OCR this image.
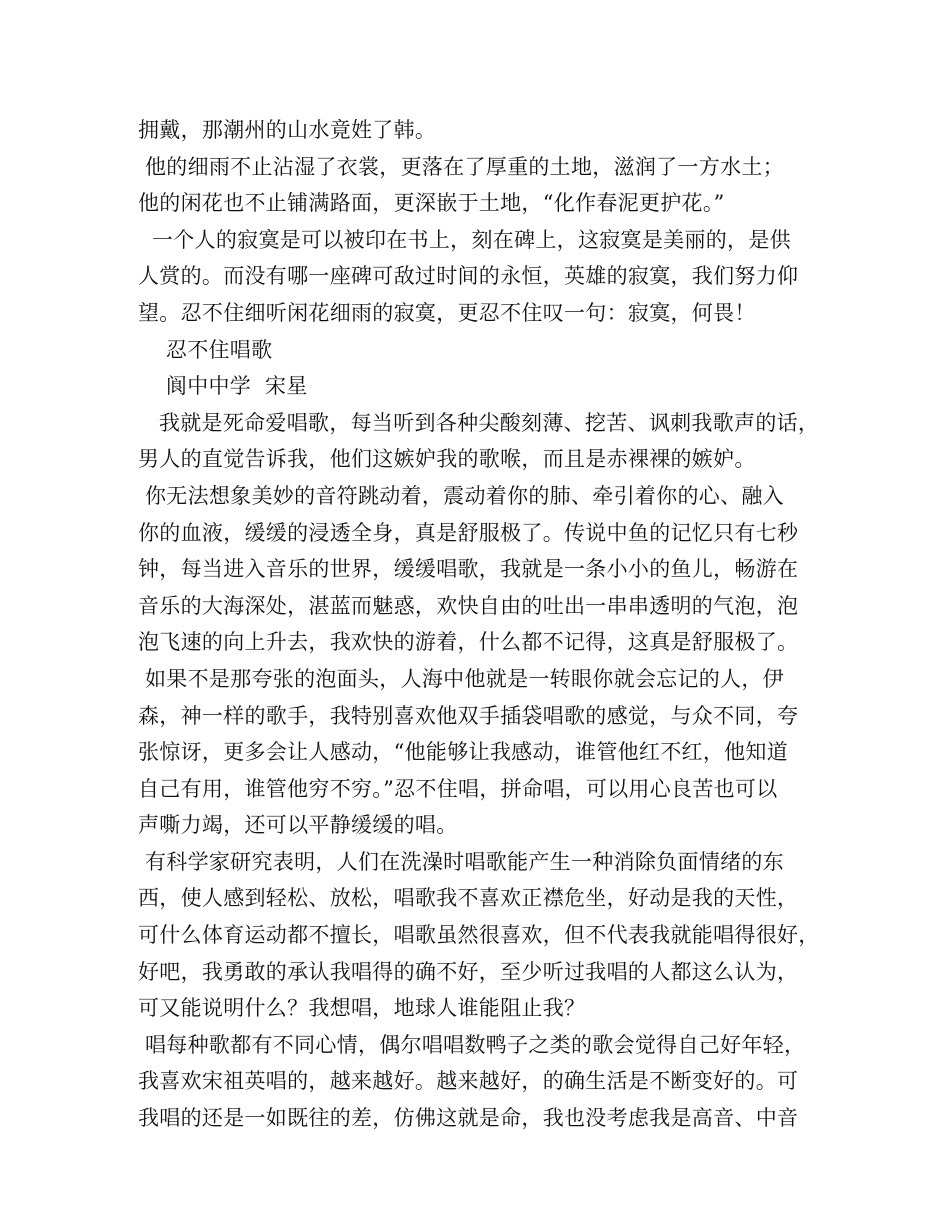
拥戴，那潮州的山水竟姓了韩。
他的细雨不止沾湿了衣裳，更落在了厚重的土地，滋润了一方水土；
他的闲花也不止铺满路面，更深嵌于土地，“化作春泥更护花。”
一个人的寂寞是可以被印在书上，刻在碑上，这寂寞是美丽的，是供
人赏的。而没有哪一座碑可敌过时间的永恒，英雄的寂寞，我们努力仰
望。忍不住细听闲花细雨的寂寞，更忍不住叹一句：寂寞，何畏！
忍不住唱歌
阆中中学  宋星
我就是死命爱唱歌，每当听到各种尖酸刻薄、挖苦、讽刺我歌声的话，
男人的直觉告诉我，他们这嫉妒我的歌喉，而且是赤裸裸的嫉妒。
你无法想象美妙的音符跳动着，震动着你的肺、牵引着你的心、融入
你的血液，缓缓的浸透全身，真是舒服极了。传说中鱼的记忆只有七秒
钟，每当进入音乐的世界，缓缓唱歌，我就是一条小小的鱼儿，畅游在
音乐的大海深处，湛蓝而魅惑，欢快自由的吐出一串串透明的气泡，泡
泡飞速的向上升去，我欢快的游着，什么都不记得，这真是舒服极了。
如果不是那夸张的泡面头，人海中他就是一转眼你就会忘记的人，伊
森，神一样的歌手，我特别喜欢他双手插袋唱歌的感觉，与众不同，夸
张惊讶，更多会让人感动，“他能够让我感动，谁管他红不红，他知道
自己有用，谁管他穷不穷。”忍不住唱，拼命唱，可以用心良苦也可以
声嘶力竭，还可以平静缓缓的唱。
有科学家研究表明，人们在洗澡时唱歌能产生一种消除负面情绪的东
西，使人感到轻松、放松，唱歌我不喜欢正襟危坐，好动是我的天性，
可什么体育运动都不擅长，唱歌虽然很喜欢，但不代表我就能唱得很好，
好吧，我勇敢的承认我唱得的确不好，至少听过我唱的人都这么认为，
可又能说明什么？我想唱，地球人谁能阻止我？
唱每种歌都有不同心情，偶尔唱唱数鸭子之类的歌会觉得自己好年轻，
我喜欢宋祖英唱的，越来越好。越来越好，的确生活是不断变好的。可
我唱的还是一如既往的差，仿佛这就是命，我也没考虑我是高音、中音
